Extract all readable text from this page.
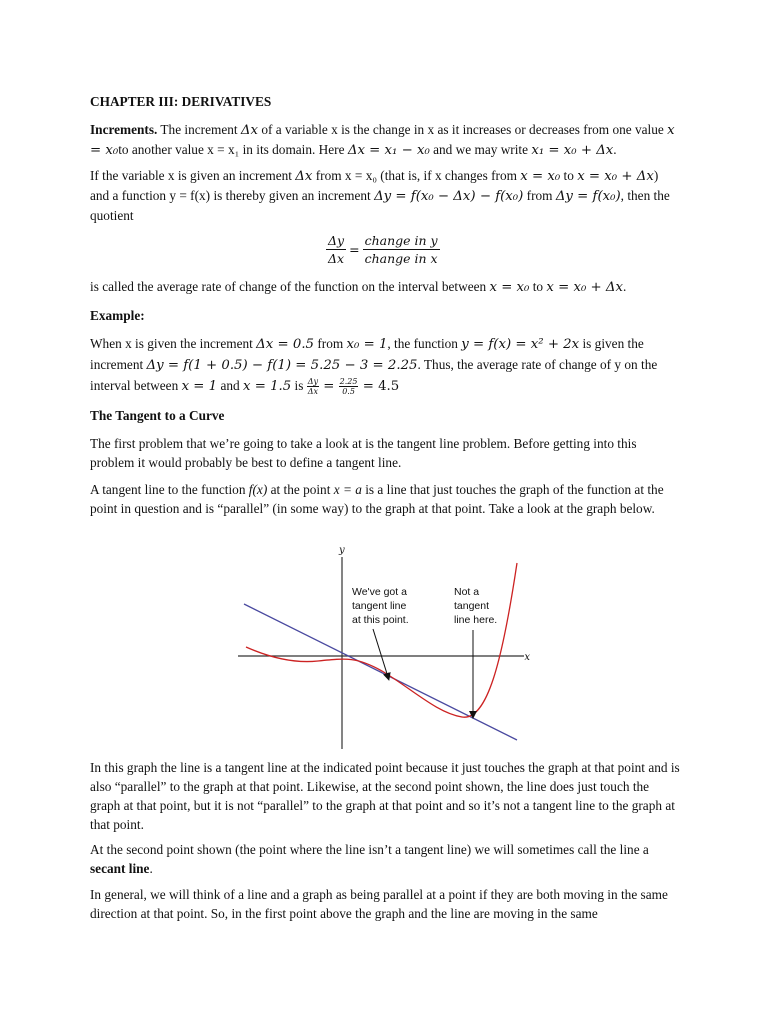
CHAPTER III: DERIVATIVES

Increments. The increment Δx of a variable x is the change in x as it increases or decreases from one value x = x₀to another value x = x₁ in its domain. Here Δx = x₁ − x₀ and we may write x₁ = x₀ + Δx.

If the variable x is given an increment Δx from x = x₀ (that is, if x changes from x = x₀ to x = x₀ + Δx) and a function y = f(x) is thereby given an increment Δy = f(x₀ − Δx) − f(x₀) from Δy = f(x₀), then the quotient

$\frac{\Delta y}{\Delta x} = \frac{\text{change in y}}{\text{change in x}}$

is called the average rate of change of the function on the interval between x = x₀ to x = x₀ + Δx.

Example:

When x is given the increment Δx = 0.5 from x₀ = 1, the function y = f(x) = x² + 2x is given the increment Δy = f(1 + 0.5) − f(1) = 5.25 − 3 = 2.25. Thus, the average rate of change of y on the interval between x = 1 and x = 1.5 is $\frac{\Delta y}{\Delta x} = \frac{2.25}{0.5} = 4.5$

The Tangent to a Curve

The first problem that we’re going to take a look at is the tangent line problem. Before getting into this problem it would probably be best to define a tangent line.

A tangent line to the function f(x) at the point x = a is a line that just touches the graph of the function at the point in question and is “parallel” (in some way) to the graph at that point. Take a look at the graph below.

y
x
We've got a
tangent line
at this point.
Not a
tangent
line here.

In this graph the line is a tangent line at the indicated point because it just touches the graph at that point and is also “parallel” to the graph at that point. Likewise, at the second point shown, the line does just touch the graph at that point, but it is not “parallel” to the graph at that point and so it’s not a tangent line to the graph at that point.

At the second point shown (the point where the line isn’t a tangent line) we will sometimes call the line a secant line.

In general, we will think of a line and a graph as being parallel at a point if they are both moving in the same direction at that point. So, in the first point above the graph and the line are moving in the same
